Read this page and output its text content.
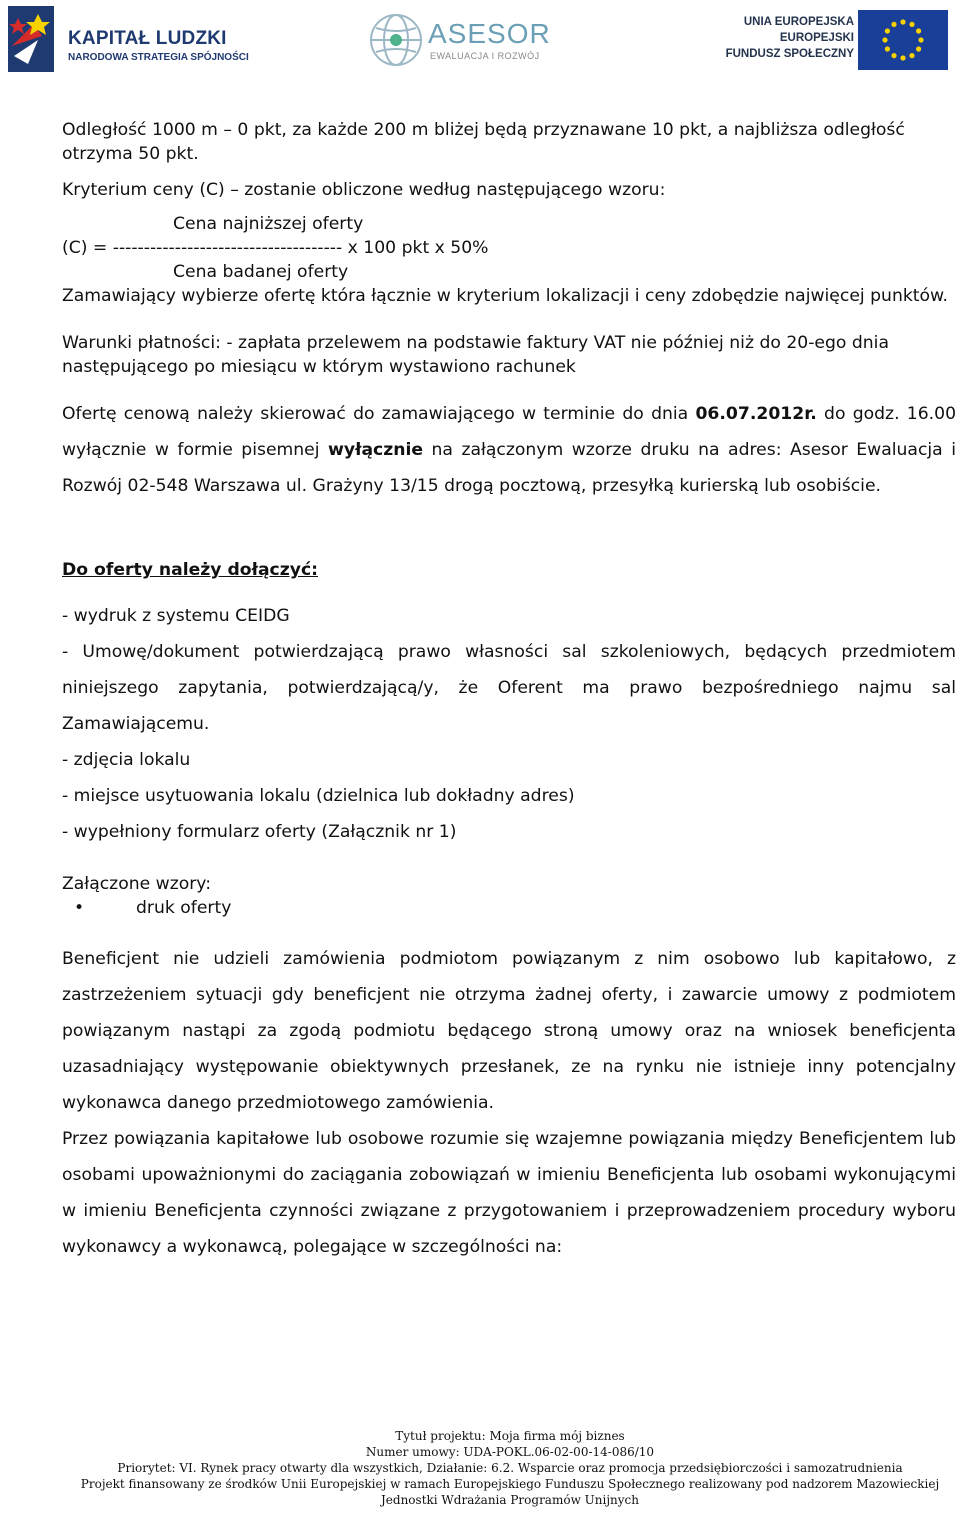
KAPITAŁ LUDZKI
NARODOWA STRATEGIA SPÓJNOŚCI
ASESOR
EWALUACJA I ROZWÓJ
UNIA EUROPEJSKA
EUROPEJSKI
FUNDUSZ SPOŁECZNY

Odległość 1000 m – 0 pkt, za każde 200 m bliżej będą przyznawane 10 pkt, a najbliższa odległość otrzyma 50 pkt.

Kryterium ceny (C) – zostanie obliczone według następującego wzoru:

Cena najniższej oferty

(C) = ------------------------------------- x 100 pkt x 50%

Cena badanej oferty

Zamawiający wybierze ofertę która łącznie w kryterium lokalizacji i ceny zdobędzie najwięcej punktów.

Warunki płatności: - zapłata przelewem na podstawie faktury VAT nie później niż do 20-ego dnia następującego po miesiącu w którym wystawiono rachunek

Ofertę cenową należy skierować do zamawiającego w terminie do dnia 06.07.2012r. do godz. 16.00 wyłącznie w formie pisemnej wyłącznie na załączonym wzorze druku na adres: Asesor Ewaluacja i Rozwój 02-548 Warszawa ul. Grażyny 13/15 drogą pocztową, przesyłką kurierską lub osobiście.

Do oferty należy dołączyć:

- wydruk z systemu CEIDG

- Umowę/dokument potwierdzającą prawo własności sal szkoleniowych, będących przedmiotem niniejszego zapytania, potwierdzającą/y, że Oferent ma prawo bezpośredniego najmu sal Zamawiającemu.

- zdjęcia lokalu

- miejsce usytuowania lokalu (dzielnica lub dokładny adres)

- wypełniony formularz oferty (Załącznik nr 1)

Załączone wzory:

•	druk oferty

Beneficjent nie udzieli zamówienia podmiotom powiązanym z nim osobowo lub kapitałowo, z zastrzeżeniem sytuacji gdy beneficjent nie otrzyma żadnej oferty, i zawarcie umowy z podmiotem powiązanym nastąpi za zgodą podmiotu będącego stroną umowy oraz na wniosek beneficjenta uzasadniający występowanie obiektywnych przesłanek, ze na rynku nie istnieje inny potencjalny wykonawca danego przedmiotowego zamówienia.

Przez powiązania kapitałowe lub osobowe rozumie się wzajemne powiązania między Beneficjentem lub osobami upoważnionymi do zaciągania zobowiązań w imieniu Beneficjenta lub osobami wykonującymi w imieniu Beneficjenta czynności związane z przygotowaniem i przeprowadzeniem procedury wyboru wykonawcy a wykonawcą, polegające w szczególności na:

Tytuł projektu: Moja firma mój biznes
Numer umowy: UDA-POKL.06-02-00-14-086/10
Priorytet: VI. Rynek pracy otwarty dla wszystkich, Działanie: 6.2. Wsparcie oraz promocja przedsiębiorczości i samozatrudnienia
Projekt finansowany ze środków Unii Europejskiej w ramach Europejskiego Funduszu Społecznego realizowany pod nadzorem Mazowieckiej
Jednostki Wdrażania Programów Unijnych
